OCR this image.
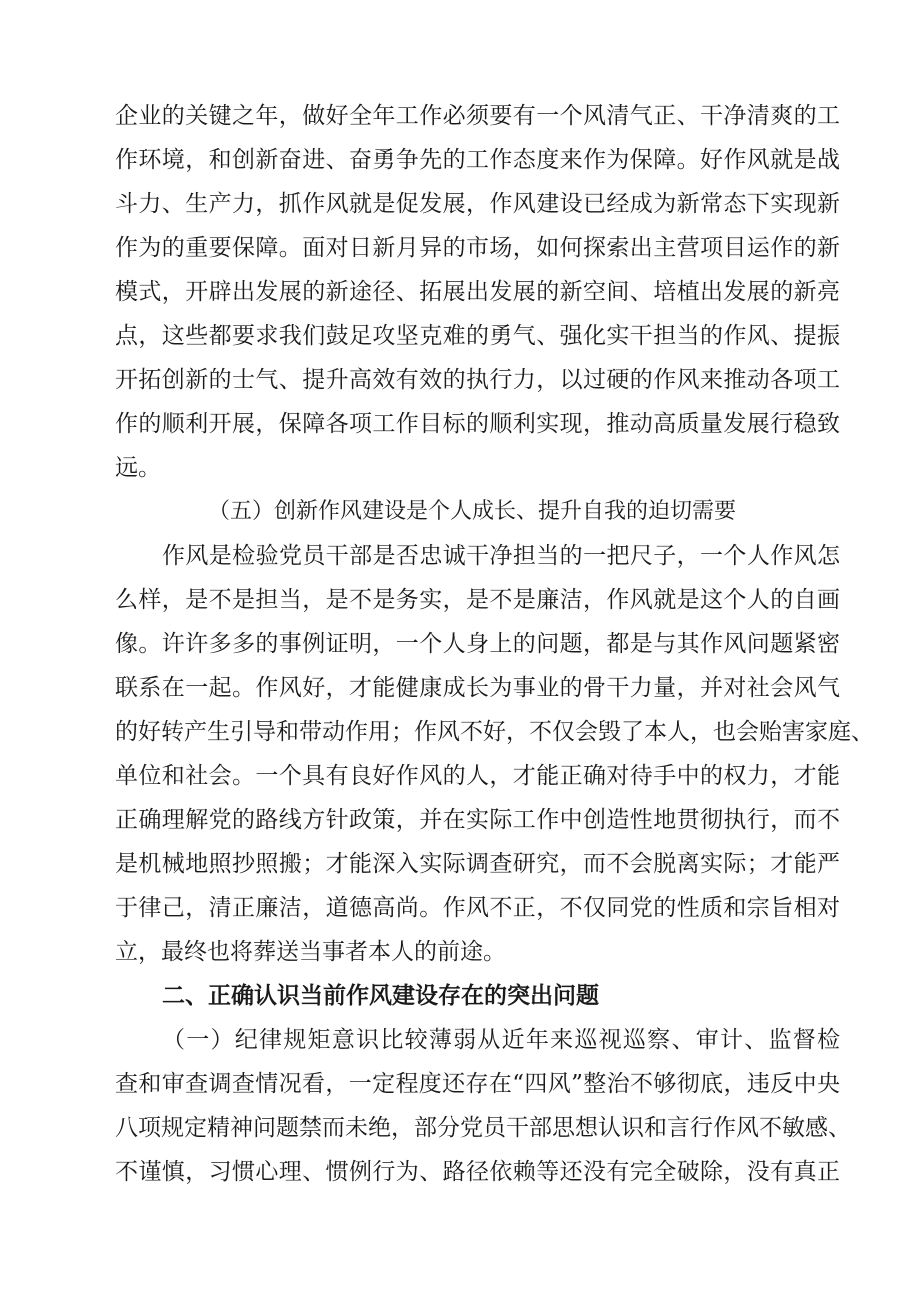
企业的关键之年，做好全年工作必须要有一个风清气正、干净清爽的工
作环境，和创新奋进、奋勇争先的工作态度来作为保障。好作风就是战
斗力、生产力，抓作风就是促发展，作风建设已经成为新常态下实现新
作为的重要保障。面对日新月异的市场，如何探索出主营项目运作的新
模式，开辟出发展的新途径、拓展出发展的新空间、培植出发展的新亮
点，这些都要求我们鼓足攻坚克难的勇气、强化实干担当的作风、提振
开拓创新的士气、提升高效有效的执行力，以过硬的作风来推动各项工
作的顺利开展，保障各项工作目标的顺利实现，推动高质量发展行稳致
远。
（五）创新作风建设是个人成长、提升自我的迫切需要
作风是检验党员干部是否忠诚干净担当的一把尺子，一个人作风怎
么样，是不是担当，是不是务实，是不是廉洁，作风就是这个人的自画
像。许许多多的事例证明，一个人身上的问题，都是与其作风问题紧密
联系在一起。作风好，才能健康成长为事业的骨干力量，并对社会风气
的好转产生引导和带动作用；作风不好，不仅会毁了本人，也会贻害家庭、
单位和社会。一个具有良好作风的人，才能正确对待手中的权力，才能
正确理解党的路线方针政策，并在实际工作中创造性地贯彻执行，而不
是机械地照抄照搬；才能深入实际调查研究，而不会脱离实际；才能严
于律己，清正廉洁，道德高尚。作风不正，不仅同党的性质和宗旨相对
立，最终也将葬送当事者本人的前途。
二、正确认识当前作风建设存在的突出问题
（一）纪律规矩意识比较薄弱从近年来巡视巡察、审计、监督检
查和审查调查情况看，一定程度还存在“四风”整治不够彻底，违反中央
八项规定精神问题禁而未绝，部分党员干部思想认识和言行作风不敏感、
不谨慎，习惯心理、惯例行为、路径依赖等还没有完全破除，没有真正
